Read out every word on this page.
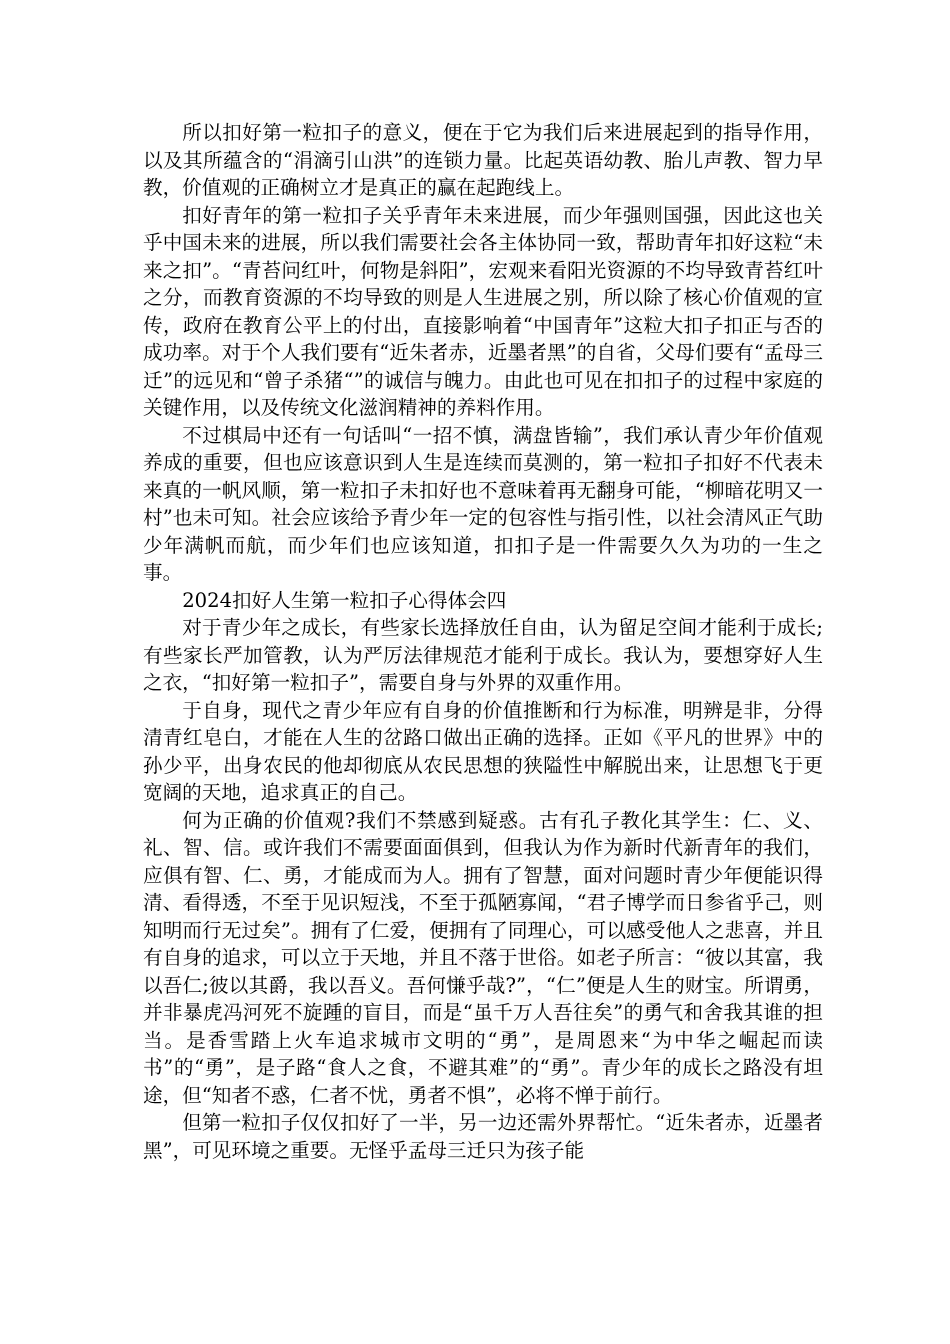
所以扣好第一粒扣子的意义，便在于它为我们后来进展起到的指导作用，以及其所蕴含的“涓滴引山洪”的连锁力量。比起英语幼教、胎儿声教、智力早教，价值观的正确树立才是真正的赢在起跑线上。

扣好青年的第一粒扣子关乎青年未来进展，而少年强则国强，因此这也关乎中国未来的进展，所以我们需要社会各主体协同一致，帮助青年扣好这粒“未来之扣”。“青苔问红叶，何物是斜阳”，宏观来看阳光资源的不均导致青苔红叶之分，而教育资源的不均导致的则是人生进展之别，所以除了核心价值观的宣传，政府在教育公平上的付出，直接影响着“中国青年”这粒大扣子扣正与否的成功率。对于个人我们要有“近朱者赤，近墨者黑”的自省，父母们要有“孟母三迁”的远见和“曾子杀猪“”的诚信与魄力。由此也可见在扣扣子的过程中家庭的关键作用，以及传统文化滋润精神的养料作用。

不过棋局中还有一句话叫“一招不慎，满盘皆输”，我们承认青少年价值观养成的重要，但也应该意识到人生是连续而莫测的，第一粒扣子扣好不代表未来真的一帆风顺，第一粒扣子未扣好也不意味着再无翻身可能，“柳暗花明又一村”也未可知。社会应该给予青少年一定的包容性与指引性，以社会清风正气助少年满帆而航，而少年们也应该知道，扣扣子是一件需要久久为功的一生之事。

2024扣好人生第一粒扣子心得体会四

对于青少年之成长，有些家长选择放任自由，认为留足空间才能利于成长;有些家长严加管教，认为严厉法律规范才能利于成长。我认为，要想穿好人生之衣，“扣好第一粒扣子”，需要自身与外界的双重作用。

于自身，现代之青少年应有自身的价值推断和行为标准，明辨是非，分得清青红皂白，才能在人生的岔路口做出正确的选择。正如《平凡的世界》中的孙少平，出身农民的他却彻底从农民思想的狭隘性中解脱出来，让思想飞于更宽阔的天地，追求真正的自己。

何为正确的价值观?我们不禁感到疑惑。古有孔子教化其学生：仁、义、礼、智、信。或许我们不需要面面俱到，但我认为作为新时代新青年的我们，应俱有智、仁、勇，才能成而为人。拥有了智慧，面对问题时青少年便能识得清、看得透，不至于见识短浅，不至于孤陋寡闻，“君子博学而日参省乎己，则知明而行无过矣”。拥有了仁爱，便拥有了同理心，可以感受他人之悲喜，并且有自身的追求，可以立于天地，并且不落于世俗。如老子所言：“彼以其富，我以吾仁;彼以其爵，我以吾义。吾何慊乎哉?”，“仁”便是人生的财宝。所谓勇，并非暴虎冯河死不旋踵的盲目，而是“虽千万人吾往矣”的勇气和舍我其谁的担当。是香雪踏上火车追求城市文明的“勇”，是周恩来“为中华之崛起而读书”的“勇”，是子路“食人之食，不避其难”的“勇”。青少年的成长之路没有坦途，但“知者不惑，仁者不忧，勇者不惧”，必将不惮于前行。

但第一粒扣子仅仅扣好了一半，另一边还需外界帮忙。“近朱者赤，近墨者黑”，可见环境之重要。无怪乎孟母三迁只为孩子能
